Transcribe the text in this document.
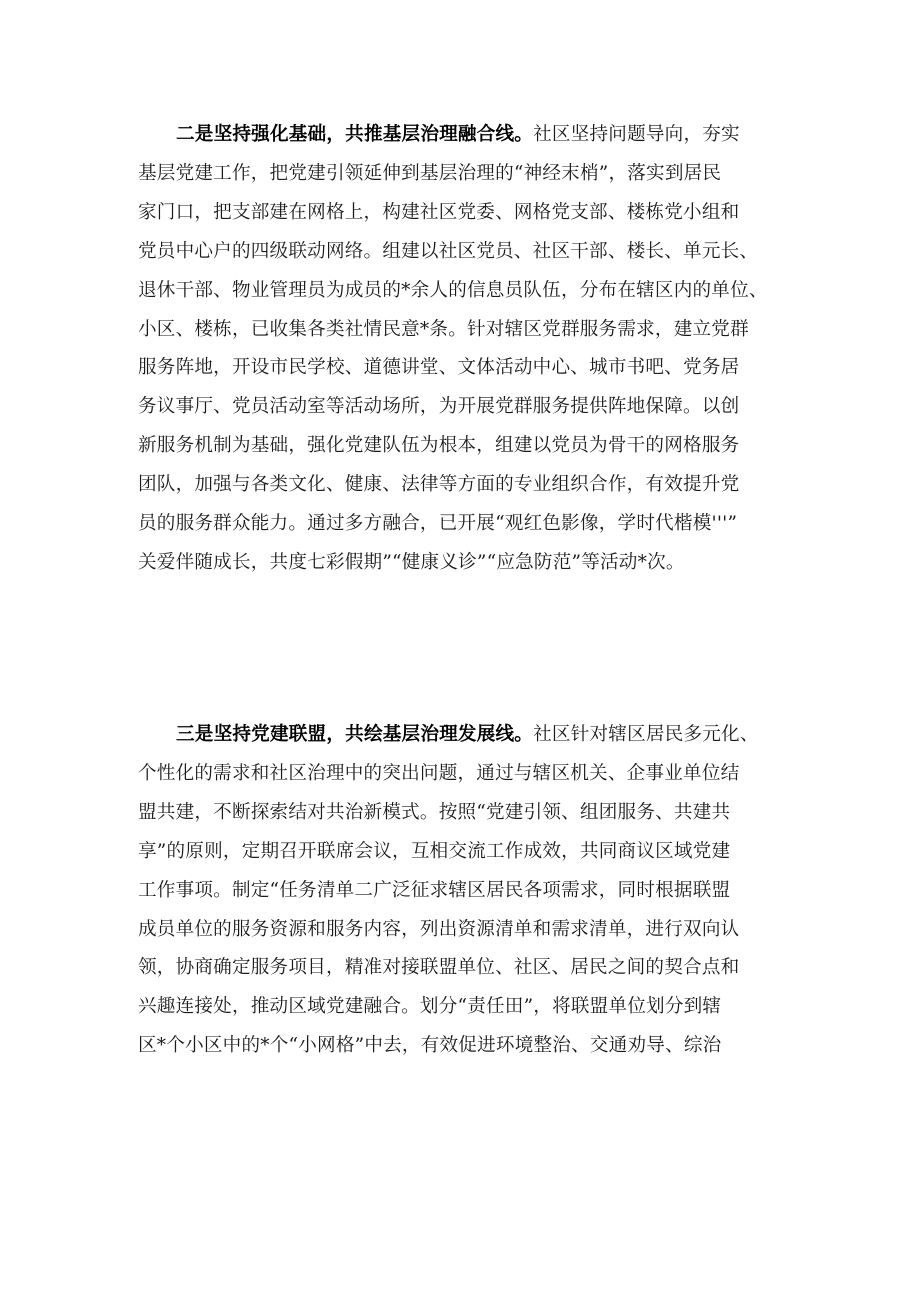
二是坚持强化基础，共推基层治理融合线。社区坚持问题导向，夯实
基层党建工作，把党建引领延伸到基层治理的“神经末梢”，落实到居民
家门口，把支部建在网格上，构建社区党委、网格党支部、楼栋党小组和
党员中心户的四级联动网络。组建以社区党员、社区干部、楼长、单元长、
退休干部、物业管理员为成员的*余人的信息员队伍，分布在辖区内的单位、
小区、楼栋，已收集各类社情民意*条。针对辖区党群服务需求，建立党群
服务阵地，开设市民学校、道德讲堂、文体活动中心、城市书吧、党务居
务议事厅、党员活动室等活动场所，为开展党群服务提供阵地保障。以创
新服务机制为基础，强化党建队伍为根本，组建以党员为骨干的网格服务
团队，加强与各类文化、健康、法律等方面的专业组织合作，有效提升党
员的服务群众能力。通过多方融合，已开展“观红色影像，学时代楷模'''”
关爱伴随成长，共度七彩假期”“健康义诊”“应急防范”等活动*次。
三是坚持党建联盟，共绘基层治理发展线。社区针对辖区居民多元化、
个性化的需求和社区治理中的突出问题，通过与辖区机关、企事业单位结
盟共建，不断探索结对共治新模式。按照“党建引领、组团服务、共建共
享”的原则，定期召开联席会议，互相交流工作成效，共同商议区域党建
工作事项。制定“任务清单二广泛征求辖区居民各项需求，同时根据联盟
成员单位的服务资源和服务内容，列出资源清单和需求清单，进行双向认
领，协商确定服务项目，精准对接联盟单位、社区、居民之间的契合点和
兴趣连接处，推动区域党建融合。划分“责任田”，将联盟单位划分到辖
区*个小区中的*个“小网格”中去，有效促进环境整治、交通劝导、综治
